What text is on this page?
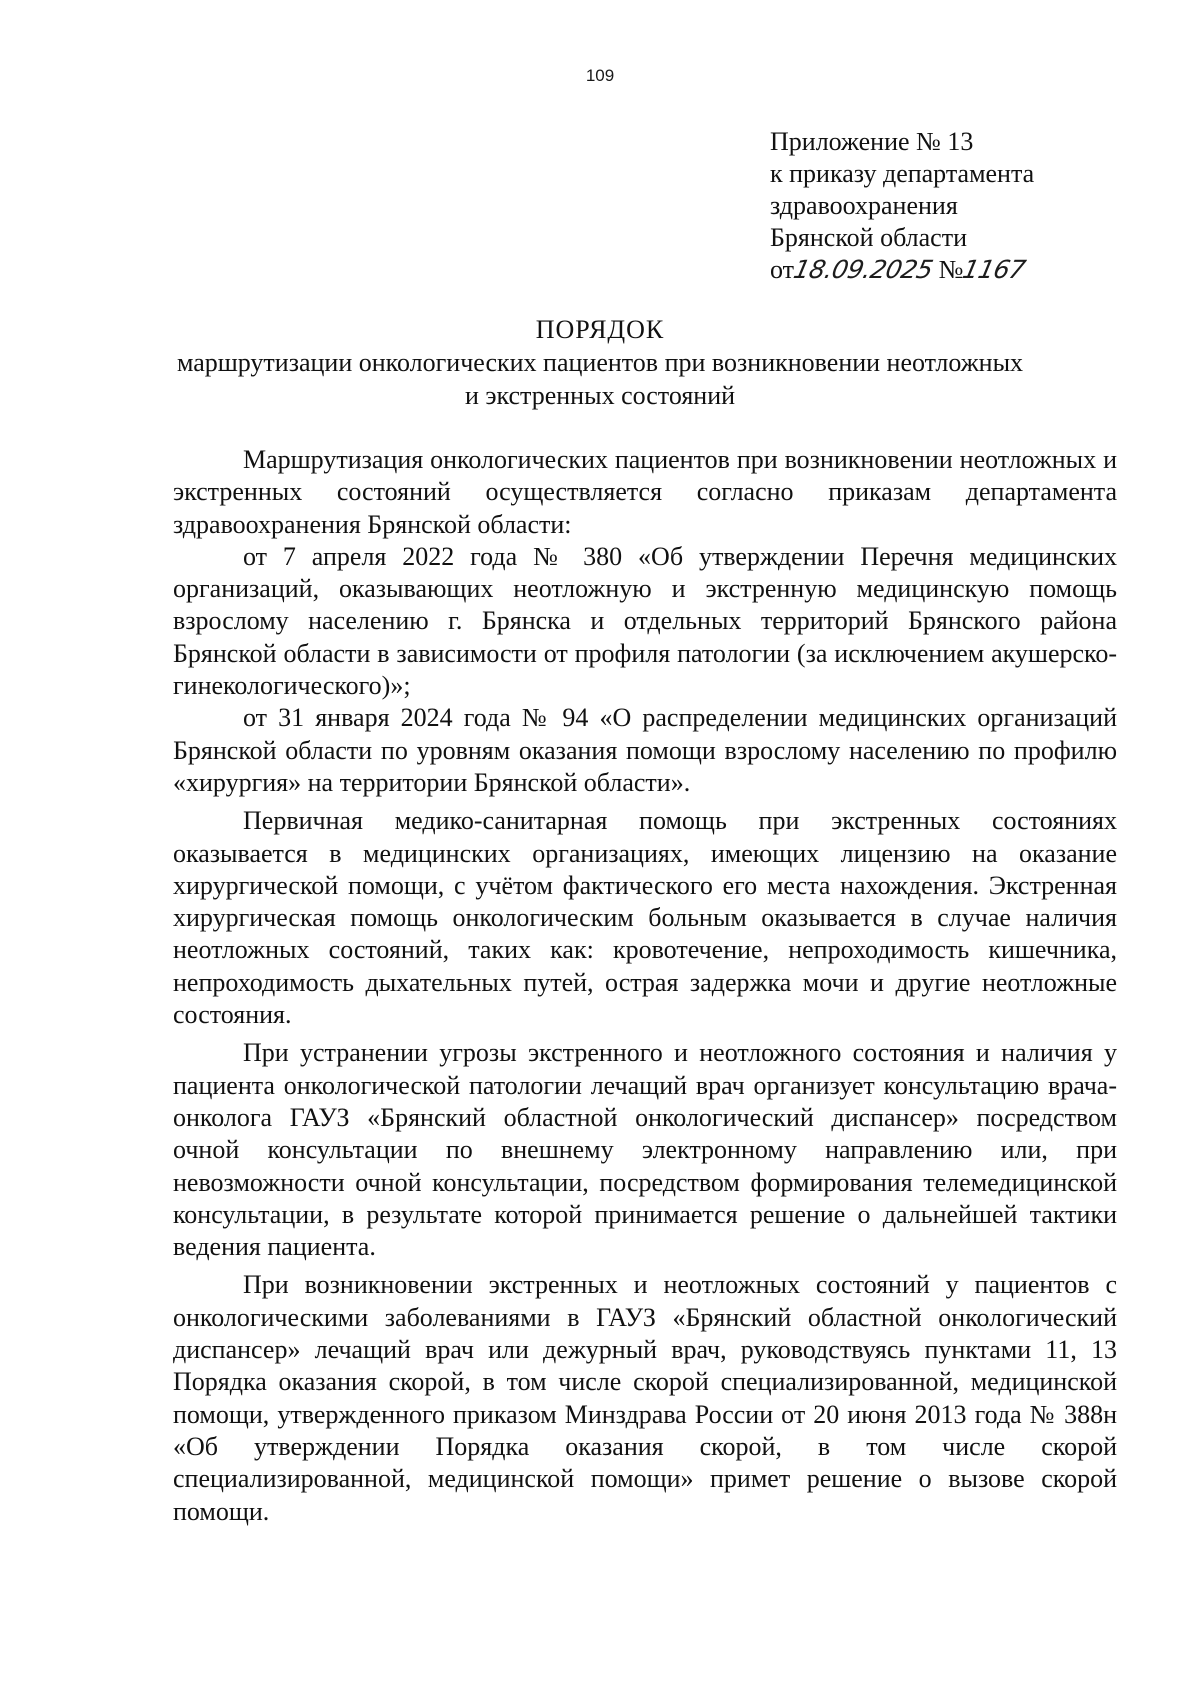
109
Приложение № 13
к приказу департамента
здравоохранения
Брянской области
от18.09.2025 №1167
ПОРЯДОК
маршрутизации онкологических пациентов при возникновении неотложных
и экстренных состояний

Маршрутизация онкологических пациентов при возникновении неотложных и экстренных состояний осуществляется согласно приказам департамента здравоохранения Брянской области:

от 7 апреля 2022 года № 380 «Об утверждении Перечня медицинских организаций, оказывающих неотложную и экстренную медицинскую помощь взрослому населению г. Брянска и отдельных территорий Брянского района Брянской области в зависимости от профиля патологии (за исключением акушерско-гинекологического)»;

от 31 января 2024 года № 94 «О распределении медицинских организаций Брянской области по уровням оказания помощи взрослому населению по профилю «хирургия» на территории Брянской области».

Первичная медико-санитарная помощь при экстренных состояниях оказывается в медицинских организациях, имеющих лицензию на оказание хирургической помощи, с учётом фактического его места нахождения. Экстренная хирургическая помощь онкологическим больным оказывается в случае наличия неотложных состояний, таких как: кровотечение, непроходимость кишечника, непроходимость дыхательных путей, острая задержка мочи и другие неотложные состояния.

При устранении угрозы экстренного и неотложного состояния и наличия у пациента онкологической патологии лечащий врач организует консультацию врача-онколога ГАУЗ «Брянский областной онкологический диспансер» посредством очной консультации по внешнему электронному направлению или, при невозможности очной консультации, посредством формирования телемедицинской консультации, в результате которой принимается решение о дальнейшей тактики ведения пациента.

При возникновении экстренных и неотложных состояний у пациентов с онкологическими заболеваниями в ГАУЗ «Брянский областной онкологический диспансер» лечащий врач или дежурный врач, руководствуясь пунктами 11, 13 Порядка оказания скорой, в том числе скорой специализированной, медицинской помощи, утвержденного приказом Минздрава России от 20 июня 2013 года № 388н «Об утверждении Порядка оказания скорой, в том числе скорой специализированной, медицинской помощи» примет решение о вызове скорой помощи.
